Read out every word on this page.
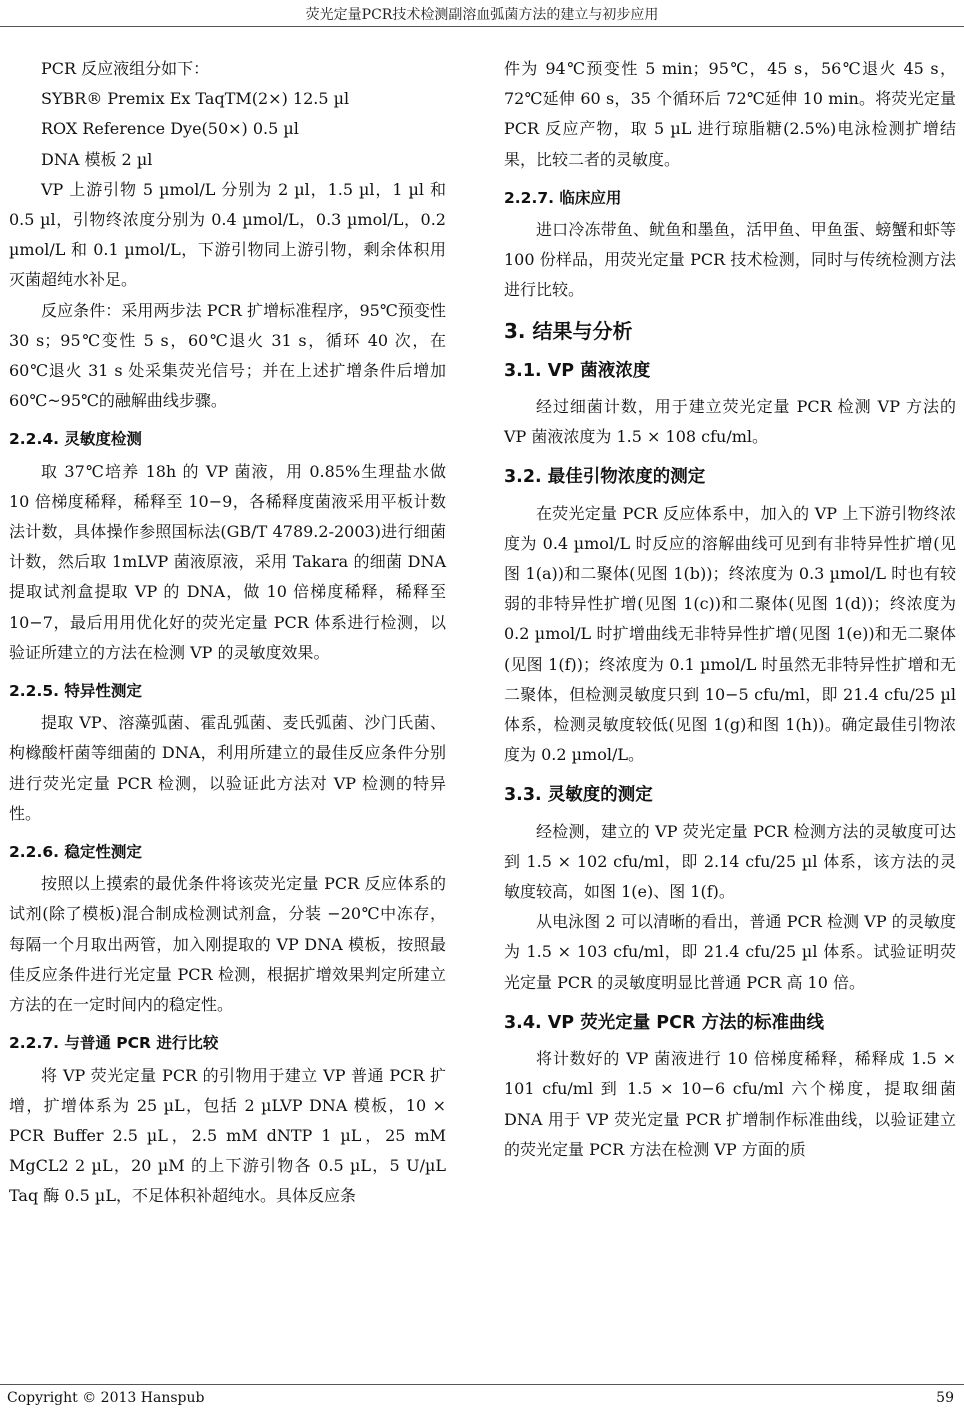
荧光定量PCR技术检测副溶血弧菌方法的建立与初步应用

PCR 反应液组分如下：

SYBR® Premix Ex TaqTM(2×) 12.5 µl

ROX Reference Dye(50×) 0.5 µl

DNA 模板 2 µl

VP 上游引物 5 µmol/L 分别为 2 µl，1.5 µl，1 µl 和 0.5 µl，引物终浓度分别为 0.4 µmol/L，0.3 µmol/L，0.2 µmol/L 和 0.1 µmol/L，下游引物同上游引物，剩余体积用灭菌超纯水补足。

反应条件：采用两步法 PCR 扩增标准程序，95℃预变性 30 s；95℃变性 5 s，60℃退火 31 s，循环 40 次，在 60℃退火 31 s 处采集荧光信号；并在上述扩增条件后增加 60℃~95℃的融解曲线步骤。

2.2.4. 灵敏度检测

取 37℃培养 18h 的 VP 菌液，用 0.85%生理盐水做 10 倍梯度稀释，稀释至 10−9，各稀释度菌液采用平板计数法计数，具体操作参照国标法(GB/T 4789.2-2003)进行细菌计数，然后取 1mLVP 菌液原液，采用 Takara 的细菌 DNA 提取试剂盒提取 VP 的 DNA，做 10 倍梯度稀释，稀释至 10−7，最后用用优化好的荧光定量 PCR 体系进行检测，以验证所建立的方法在检测 VP 的灵敏度效果。

2.2.5. 特异性测定

提取 VP、溶藻弧菌、霍乱弧菌、麦氏弧菌、沙门氏菌、枸橼酸杆菌等细菌的 DNA，利用所建立的最佳反应条件分别进行荧光定量 PCR 检测，以验证此方法对 VP 检测的特异性。

2.2.6. 稳定性测定

按照以上摸索的最优条件将该荧光定量 PCR 反应体系的试剂(除了模板)混合制成检测试剂盒，分装 −20℃中冻存，每隔一个月取出两管，加入刚提取的 VP DNA 模板，按照最佳反应条件进行光定量 PCR 检测，根据扩增效果判定所建立方法的在一定时间内的稳定性。

2.2.7. 与普通 PCR 进行比较

将 VP 荧光定量 PCR 的引物用于建立 VP 普通 PCR 扩增，扩增体系为 25 µL，包括 2 µLVP DNA 模板，10 × PCR Buffer 2.5 µL，2.5 mM dNTP 1 µL，25 mM MgCL2 2 µL，20 µM 的上下游引物各 0.5 µL，5 U/µL Taq 酶 0.5 µL，不足体积补超纯水。具体反应条

件为 94℃预变性 5 min；95℃，45 s，56℃退火 45 s，72℃延伸 60 s，35 个循环后 72℃延伸 10 min。将荧光定量 PCR 反应产物，取 5 µL 进行琼脂糖(2.5%)电泳检测扩增结果，比较二者的灵敏度。

2.2.7. 临床应用

进口冷冻带鱼、鱿鱼和墨鱼，活甲鱼、甲鱼蛋、螃蟹和虾等 100 份样品，用荧光定量 PCR 技术检测，同时与传统检测方法进行比较。

3. 结果与分析
3.1. VP 菌液浓度

经过细菌计数，用于建立荧光定量 PCR 检测 VP 方法的 VP 菌液浓度为 1.5 × 108 cfu/ml。

3.2. 最佳引物浓度的测定

在荧光定量 PCR 反应体系中，加入的 VP 上下游引物终浓度为 0.4 µmol/L 时反应的溶解曲线可见到有非特异性扩增(见图 1(a))和二聚体(见图 1(b))；终浓度为 0.3 µmol/L 时也有较弱的非特异性扩增(见图 1(c))和二聚体(见图 1(d))；终浓度为 0.2 µmol/L 时扩增曲线无非特异性扩增(见图 1(e))和无二聚体(见图 1(f))；终浓度为 0.1 µmol/L 时虽然无非特异性扩增和无二聚体，但检测灵敏度只到 10−5 cfu/ml，即 21.4 cfu/25 µl 体系，检测灵敏度较低(见图 1(g)和图 1(h))。确定最佳引物浓度为 0.2 µmol/L。

3.3. 灵敏度的测定

经检测，建立的 VP 荧光定量 PCR 检测方法的灵敏度可达到 1.5 × 102 cfu/ml，即 2.14 cfu/25 µl 体系，该方法的灵敏度较高，如图 1(e)、图 1(f)。

从电泳图 2 可以清晰的看出，普通 PCR 检测 VP 的灵敏度为 1.5 × 103 cfu/ml，即 21.4 cfu/25 µl 体系。试验证明荧光定量 PCR 的灵敏度明显比普通 PCR 高 10 倍。

3.4. VP 荧光定量 PCR 方法的标准曲线

将计数好的 VP 菌液进行 10 倍梯度稀释，稀释成 1.5 × 101 cfu/ml 到 1.5 × 10−6 cfu/ml 六个梯度，提取细菌 DNA 用于 VP 荧光定量 PCR 扩增制作标准曲线，以验证建立的荧光定量 PCR 方法在检测 VP 方面的质

Copyright © 2013 Hanspub	59
